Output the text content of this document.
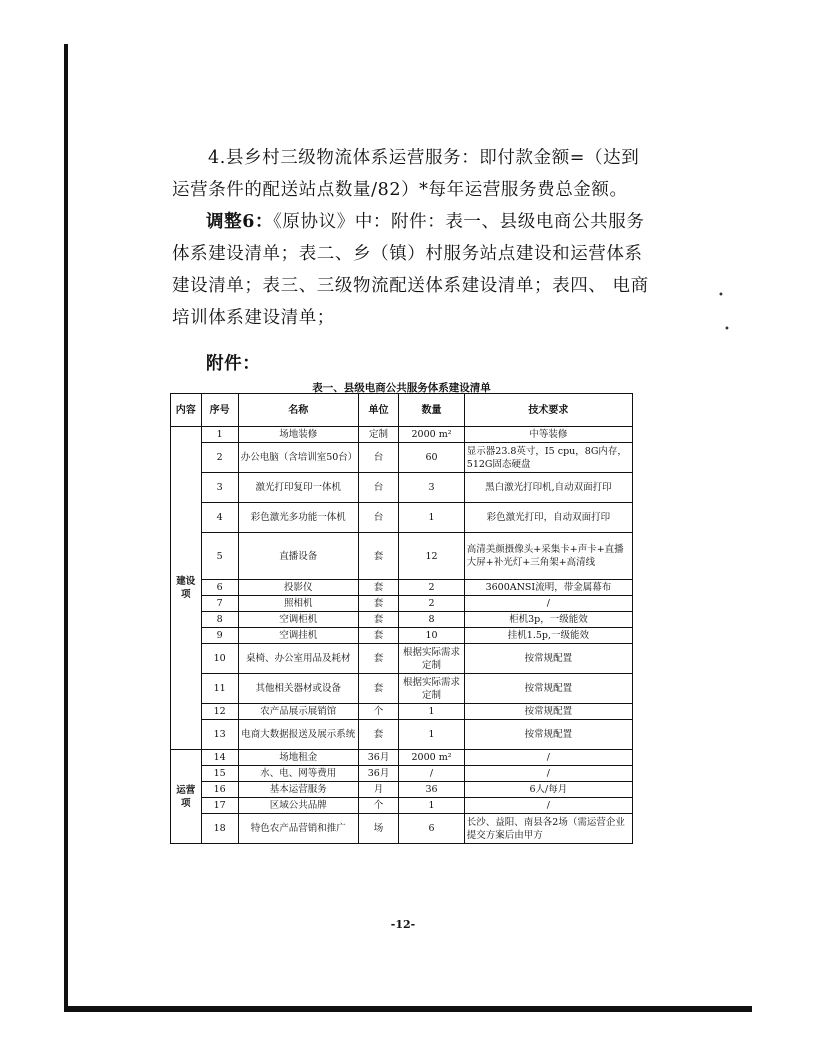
4.县乡村三级物流体系运营服务：即付款金额=（达到运营条件的配送站点数量/82）*每年运营服务费总金额。
调整6：《原协议》中：附件：表一、县级电商公共服务体系建设清单；表二、乡（镇）村服务站点建设和运营体系建设清单；表三、三级物流配送体系建设清单；表四、 电商培训体系建设清单；
附件：
表一、县级电商公共服务体系建设清单
内容	序号	名称	单位	数量	技术要求
建设项	1	场地装修	定制	2000 m²	中等装修
	2	办公电脑（含培训室50台）	台	60	显示器23.8英寸，I5 cpu，8G内存，512G固态硬盘
	3	激光打印复印一体机	台	3	黑白激光打印机,自动双面打印
	4	彩色激光多功能一体机	台	1	彩色激光打印，自动双面打印
	5	直播设备	套	12	高清美颜摄像头+采集卡+声卡+直播大屏+补光灯+三角架+高清线
	6	投影仪	套	2	3600ANSI流明，带金属幕布
	7	照相机	套	2	/
	8	空调柜机	套	8	柜机3p，一级能效
	9	空调挂机	套	10	挂机1.5p,一级能效
	10	桌椅、办公室用品及耗材	套	根据实际需求定制	按常规配置
	11	其他相关器材或设备	套	根据实际需求定制	按常规配置
	12	农产品展示展销馆	个	1	按常规配置
	13	电商大数据报送及展示系统	套	1	按常规配置
运营项	14	场地租金	36月	2000 m²	/
	15	水、电、网等费用	36月	/	/
	16	基本运营服务	月	36	6人/每月
	17	区域公共品牌	个	1	/
	18	特色农产品营销和推广	场	6	长沙、益阳、南县各2场（需运营企业提交方案后由甲方
-12-
•
•
